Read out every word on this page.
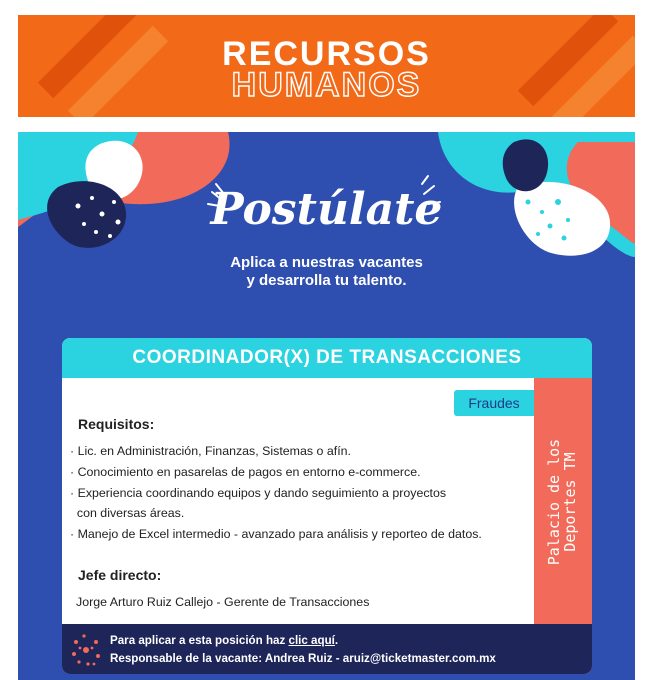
RECURSOS
HUMANOS
Postúlate
Aplica a nuestras vacantes
y desarrolla tu talento.
COORDINADOR(X) DE TRANSACCIONES
Palacio de los
Deportes TM
Fraudes
Requisitos:
· Lic. en Administración, Finanzas, Sistemas o afín.
· Conocimiento en pasarelas de pagos en entorno e-commerce.
· Experiencia coordinando equipos y dando seguimiento a proyectos
con diversas áreas.
· Manejo de Excel intermedio - avanzado para análisis y reporteo de datos.
Jefe directo:
Jorge Arturo Ruiz Callejo - Gerente de Transacciones
Para aplicar a esta posición haz clic aquí.
Responsable de la vacante: Andrea Ruiz - aruiz@ticketmaster.com.mx
